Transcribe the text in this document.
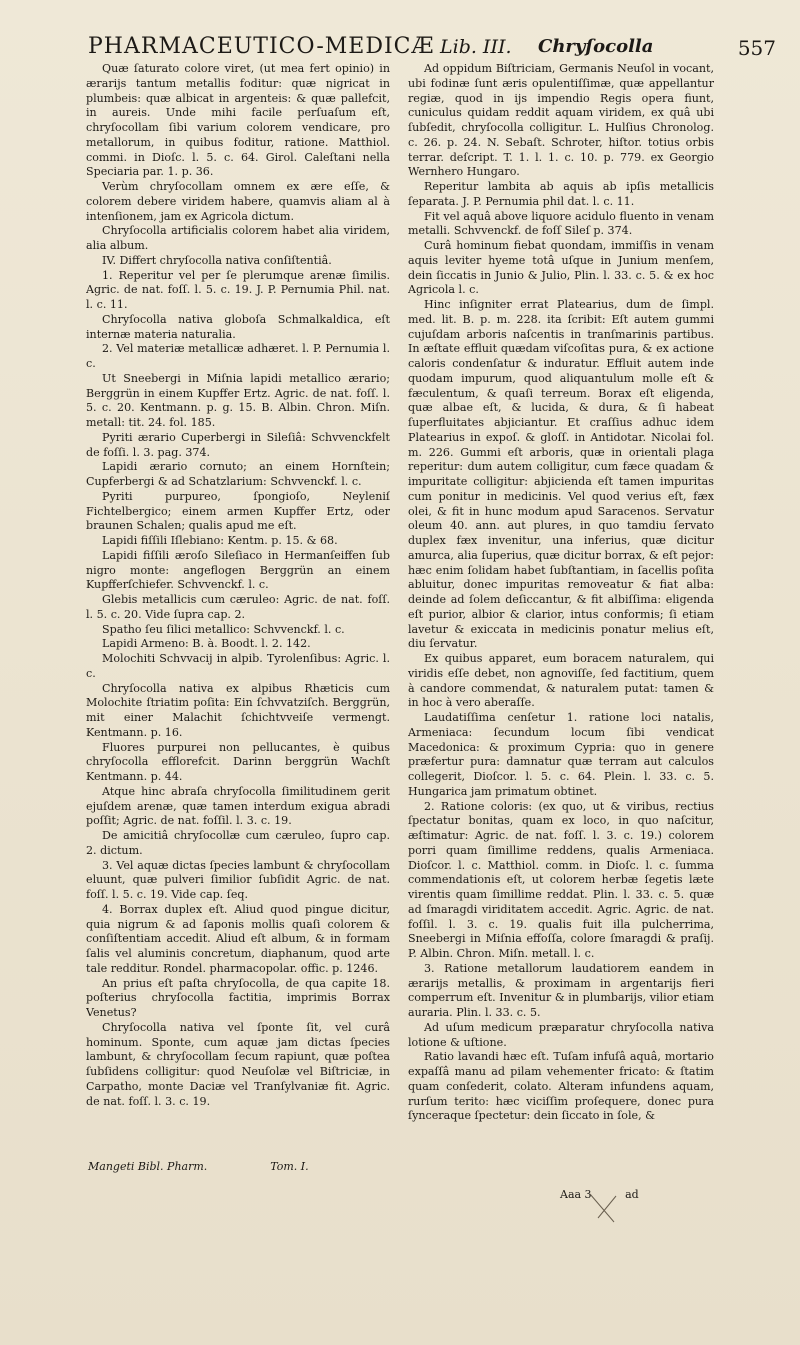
PHARMACEUTICO-MEDICÆ Lib. III. Chryſocolla	557

Quæ ſaturato colore viret, (ut mea fert opinio) in ærarijs tantum metallis foditur: quæ nigricat in plumbeis: quæ albicat in argenteis: & quæ pallefcit, in aureis. Unde mihi facile perſuaſum eſt, chryſocollam ſibi varium colorem vendicare, pro metallorum, in quibus foditur, ratione. Matthiol. commi. in Dioſc. l. 5. c. 64. Girol. Caleſtani nella Speciaria par. 1. p. 36.

Verùm chryſocollam omnem ex ære eſſe, & colorem debere viridem habere, quamvis aliam al à intenſionem, jam ex Agricola dictum.

Chryſocolla artificialis colorem habet alia viridem, alia album.

IV. Differt chryſocolla nativa conſiſtentiâ.

1. Reperitur vel per ſe plerumque arenæ ſimilis. Agric. de nat. foſſ. l. 5. c. 19. J. P. Pernumia Phil. nat. l. c. 11.

Chryſocolla nativa globoſa Schmalkaldica, eſt internæ materia naturalia.

2. Vel materiæ metallicæ adhæret. l. P. Pernumia l. c.

Ut Sneebergi in Miſnia lapidi metallico ærario; Berggrün in einem Kupffer Ertz. Agric. de nat. foſſ. l. 5. c. 20. Kentmann. p. g. 15. B. Albin. Chron. Miſn. metall: tit. 24. fol. 185.

Pyriti ærario Cuperbergi in Sileſiâ: Schvvenckfelt de foſſi. l. 3. pag. 374.

Lapidi ærario cornuto; an einem Hornſtein; Cupferbergi & ad Schatzlarium: Schvvenckf. l. c.

Pyriti purpureo, ſpongioſo, Neyleniſ Fichtelbergico; einem armen Kupffer Ertz, oder braunen Schalen; qualis apud me eſt.

Lapidi fiſſili Iſlebiano: Kentm. p. 15. & 68.

Lapidi fiſſili æroſo Sileſiaco in Hermanſeiffen ſub nigro monte: angeflogen Berggrün an einem Kupfferſchiefer. Schvvenckf. l. c.

Glebis metallicis cum cæruleo: Agric. de nat. foſſ. l. 5. c. 20. Vide ſupra cap. 2.

Spatho ſeu ſilici metallico: Schvvenckf. l. c.

Lapidi Armeno: B. à. Boodt. l. 2. 142.

Molochiti Schvvacij in alpib. Tyrolenſibus: Agric. l. c.

Chryſocolla nativa ex alpibus Rhæticis cum Molochite ſtriatim poſita: Ein ſchvvatziſch. Berggrün, mit einer Malachit ſchichtvveiſe vermengt. Kentmann. p. 16.

Fluores purpurei non pellucantes, è quibus chryſocolla efflorefcit. Darinn berggrün Wachſt Kentmann. p. 44.

Atque hinc abraſa chryſocolla ſimilitudinem gerit ejuſdem arenæ, quæ tamen interdum exigua abradi poſſit; Agric. de nat. foſſil. l. 3. c. 19.

De amicitiâ chryſocollæ cum cæruleo, ſupro cap. 2. dictum.

3. Vel aquæ dictas ſpecies lambunt & chryſocollam eluunt, quæ pulveri ſimilior ſubſidit Agric. de nat. foſſ. l. 5. c. 19. Vide cap. ſeq.

4. Borrax duplex eſt. Aliud quod pingue dicitur, quia nigrum & ad ſaponis mollis quaſi colorem & conſiſtentiam accedit. Aliud eſt album, & in formam ſalis vel aluminis concretum, diaphanum, quod arte tale redditur. Rondel. pharmacopolar. offic. p. 1246.

An prius eſt paſta chryſocolla, de qua capite 18. poſterius chryſocolla factitia, imprimis Borrax Venetus?

Chryſocolla nativa vel ſponte ſit, vel curâ hominum. Sponte, cum aquæ jam dictas ſpecies lambunt, & chryſocollam ſecum rapiunt, quæ poſtea ſubſidens colligitur: quod Neuſolæ vel Biſtriciæ, in Carpatho, monte Daciæ vel Tranſylvaniæ fit. Agric. de nat. foſſ. l. 3. c. 19.

Ad oppidum Biſtriciam, Germanis Neuſol in vocant, ubi fodinæ ſunt æris opulentiſſimæ, quæ appellantur regiæ, quod in ijs impendio Regis opera fiunt, cuniculus quidam reddit aquam viridem, ex quâ ubi ſubſedit, chryſocolla colligitur. L. Hulſius Chronolog. c. 26. p. 24. N. Sebaſt. Schroter, hiſtor. totius orbis terrar. deſcript. T. 1. l. 1. c. 10. p. 779. ex Georgio Wernhero Hungaro.

Reperitur lambita ab aquis ab ipſis metallicis ſeparata. J. P. Pernumia phil dat. l. c. 11.

Fit vel aquâ above liquore acidulo fluento in venam metalli. Schvvenckf. de foſſ Sileſ p. 374.

Curâ hominum fiebat quondam, immiſſis in venam aquis leviter hyeme totâ uſque in Junium menſem, dein ſiccatis in Junio & Julio, Plin. l. 33. c. 5. & ex hoc Agricola l. c.

Hinc inſigniter errat Platearius, dum de ſimpl. med. lit. B. p. m. 228. ita ſcribit: Eſt autem gummi cujuſdam arboris naſcentis in tranſmarinis partibus. In æſtate effluit quædam viſcoſitas pura, & ex actione caloris condenſatur & induratur. Effluit autem inde quodam impurum, quod aliquantulum molle eſt & fæculentum, & quaſi terreum. Borax eſt eligenda, quæ albae eſt, & lucida, & dura, & ſi habeat ſuperfluitates abjiciantur. Et craſſius adhuc idem Platearius in expoſ. & gloſſ. in Antidotar. Nicolai fol. m. 226. Gummi eſt arboris, quæ in orientali plaga reperitur: dum autem colligitur, cum fæce quadam & impuritate colligitur: abjicienda eſt tamen impuritas cum ponitur in medicinis. Vel quod verius eſt, fæx olei, & fit in hunc modum apud Saracenos. Servatur oleum 40. ann. aut plures, in quo tamdiu ſervato duplex fæx invenitur, una inferius, quæ dicitur amurca, alia ſuperius, quæ dicitur borrax, & eſt pejor: hæc enim ſolidam habet ſubſtantiam, in ſacellis poſita abluitur, donec impuritas removeatur & fiat alba: deinde ad ſolem deſiccantur, & fit albiſſima: eligenda eſt purior, albior & clarior, intus conformis; ſi etiam lavetur & exiccata in medicinis ponatur melius eſt, diu ſervatur.

Ex quibus apparet, eum boracem naturalem, qui viridis eſſe debet, non agnoviſſe, ſed factitium, quem à candore commendat, & naturalem putat: tamen & in hoc à vero aberaſſe.

Laudatiſſima cenſetur 1. ratione loci natalis, Armeniaca: ſecundum locum ſibi vendicat Macedonica: & proximum Cypria: quo in genere præfertur pura: damnatur quæ terram aut calculos collegerit, Dioſcor. l. 5. c. 64. Plein. l. 33. c. 5. Hungarica jam primatum obtinet.

2. Ratione coloris: (ex quo, ut & viribus, rectius ſpectatur bonitas, quam ex loco, in quo naſcitur, æſtimatur: Agric. de nat. foſſ. l. 3. c. 19.) colorem porri quam ſimillime reddens, qualis Armeniaca. Dioſcor. l. c. Matthiol. comm. in Dioſc. l. c. ſumma commendationis eſt, ut colorem herbæ ſegetis læte virentis quam ſimillime reddat. Plin. l. 33. c. 5. quæ ad ſmaragdi viriditatem accedit. Agric. Agric. de nat. foſſil. l. 3. c. 19. qualis fuit illa pulcherrima, Sneebergi in Miſnia effoſſa, colore ſmaragdi & praſij. P. Albin. Chron. Miſn. metall. l. c.

3. Ratione metallorum laudatiorem eandem in ærarijs metallis, & proximam in argentarijs fieri comperrum eſt. Invenitur & in plumbarijs, vilior etiam auraria. Plin. l. 33. c. 5.

Ad uſum medicum præparatur chryſocolla nativa lotione & uſtione.

Ratio lavandi hæc eſt. Tuſam infuſâ aquâ, mortario expaſſâ manu ad pilam vehementer fricato: & ſtatim quam conſederit, colato. Alteram infundens aquam, rurſum terito: hæc viciſſim proſequere, donec pura ſynceraque ſpectetur: dein ſiccato in ſole, &

Mangeti Bibl. Pharm.	Tom. I.
Aaa 3	ad
